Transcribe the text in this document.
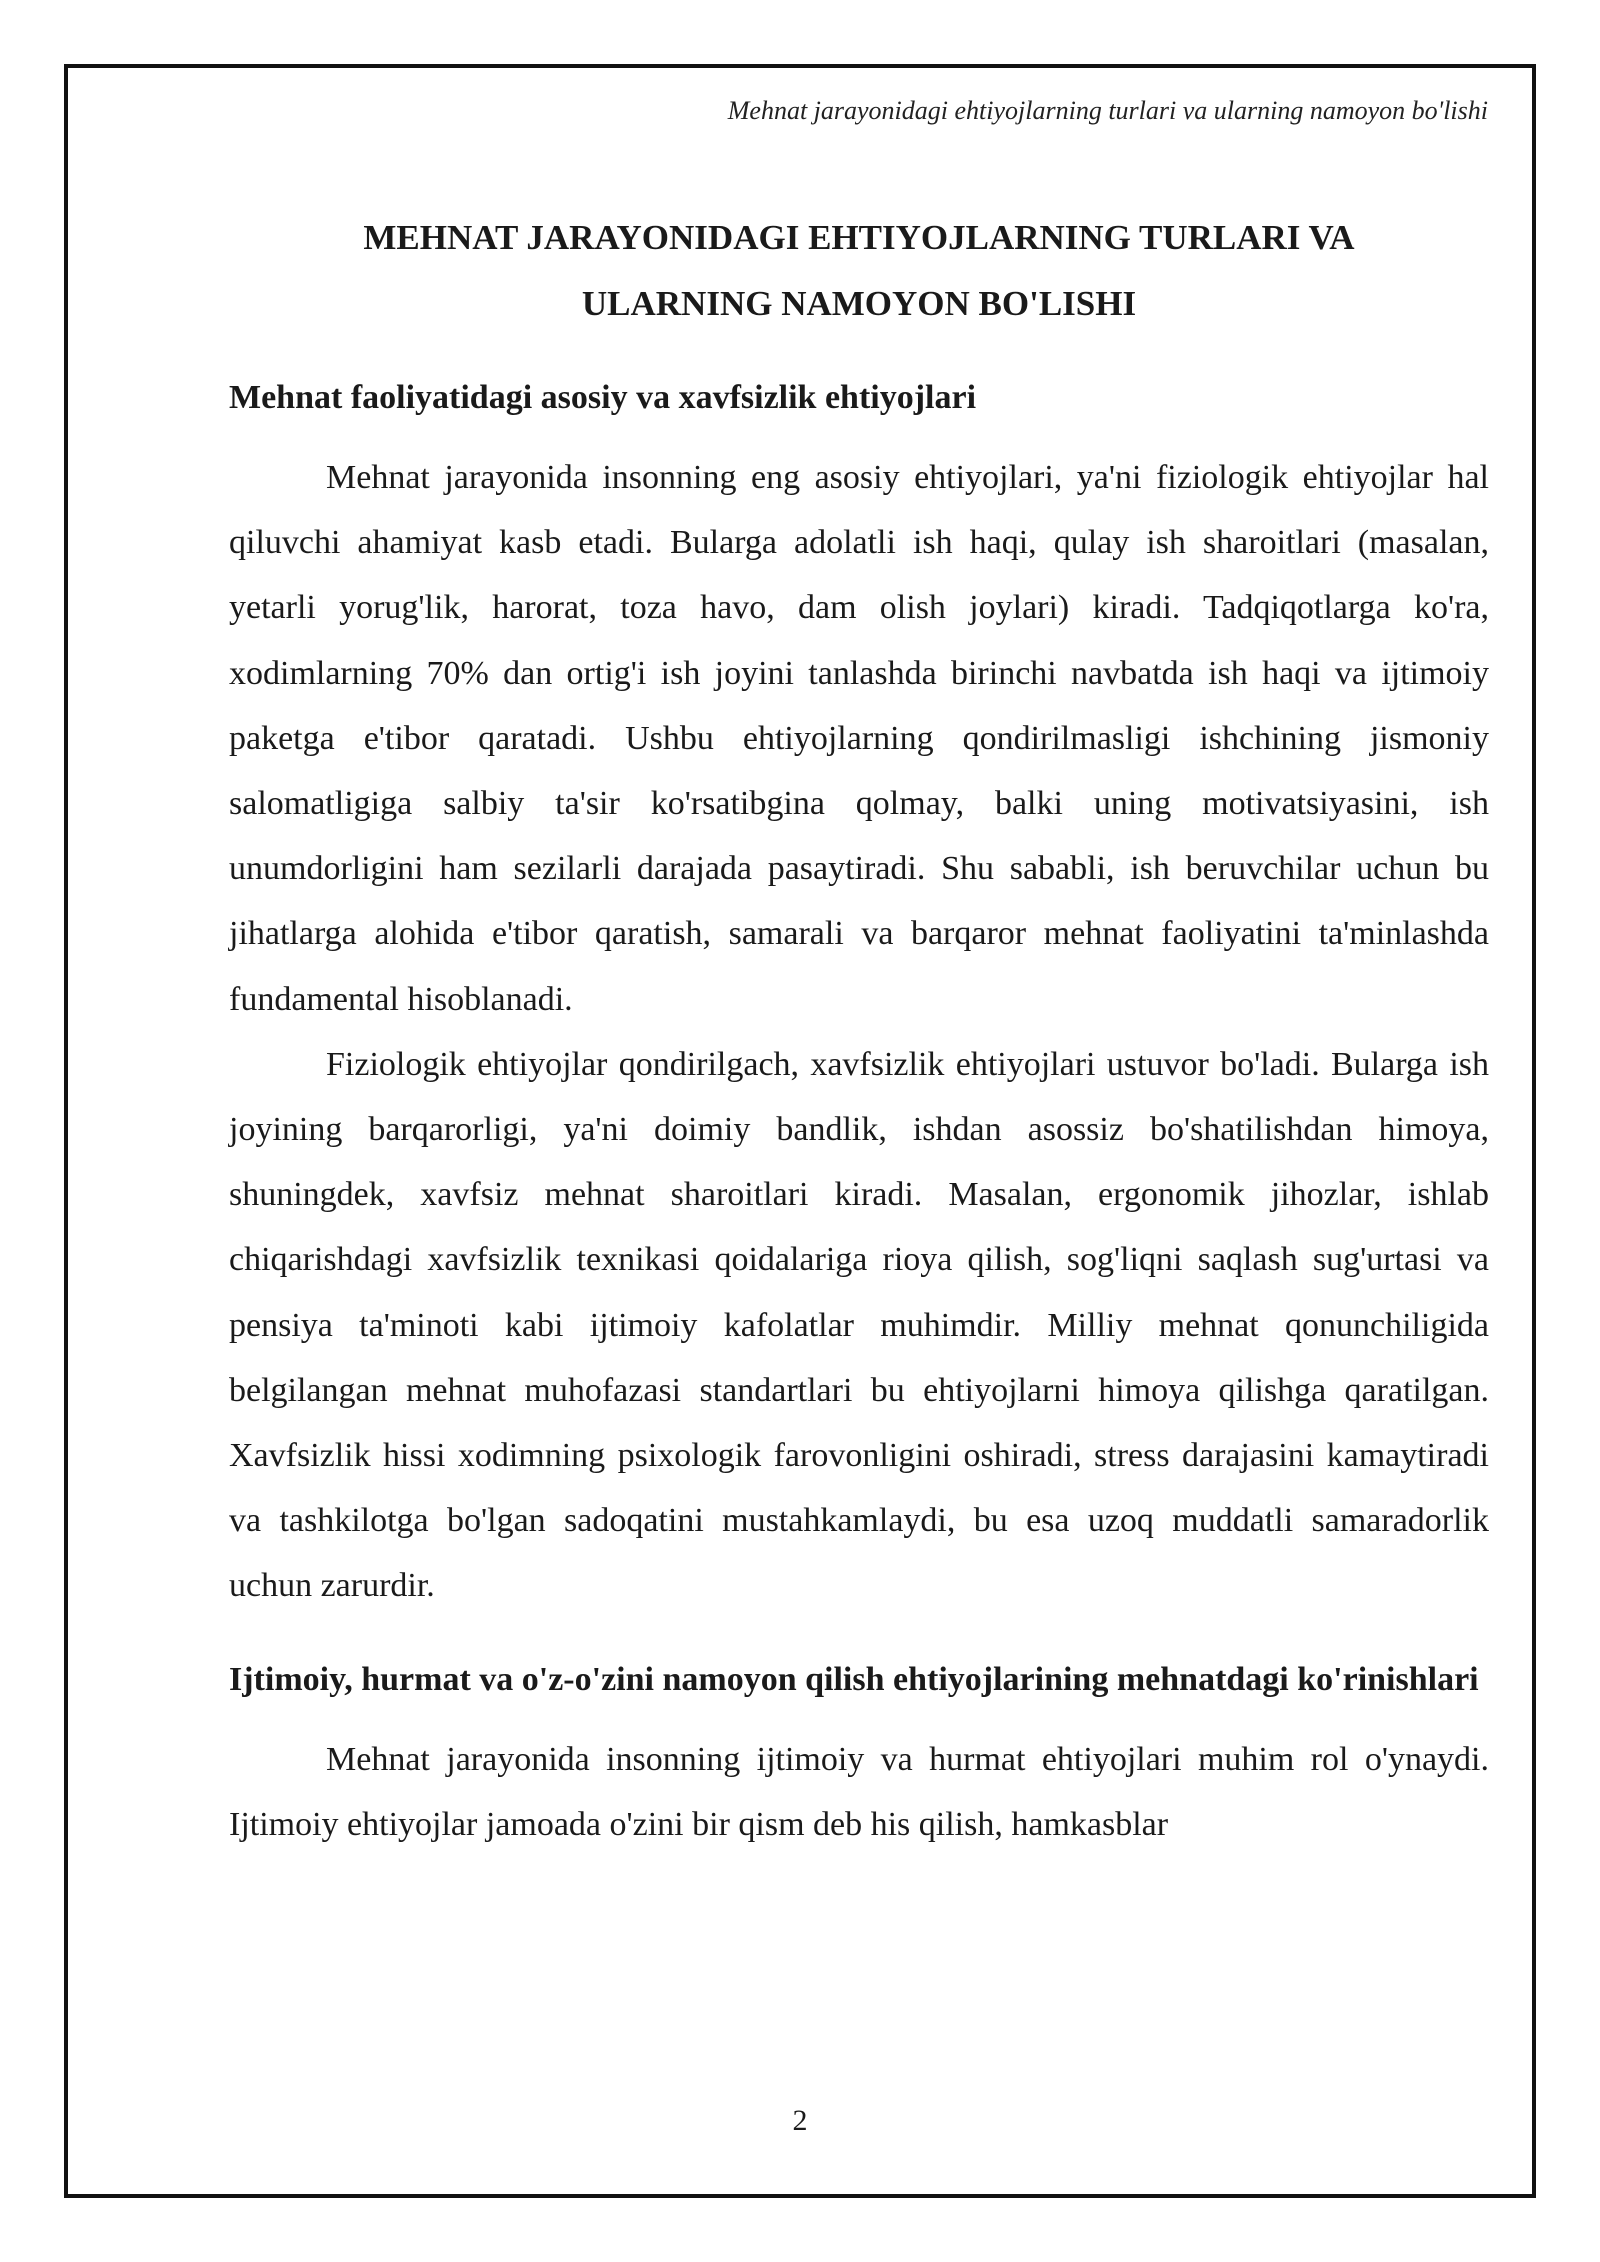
Mehnat jarayonidagi ehtiyojlarning turlari va ularning namoyon bo'lishi
MEHNAT JARAYONIDAGI EHTIYOJLARNING TURLARI VA
ULARNING NAMOYON BO'LISHI
Mehnat faoliyatidagi asosiy va xavfsizlik ehtiyojlari

Mehnat jarayonida insonning eng asosiy ehtiyojlari, ya'ni fiziologik ehtiyojlar hal qiluvchi ahamiyat kasb etadi. Bularga adolatli ish haqi, qulay ish sharoitlari (masalan, yetarli yorug'lik, harorat, toza havo, dam olish joylari) kiradi. Tadqiqotlarga ko'ra, xodimlarning 70% dan ortig'i ish joyini tanlashda birinchi navbatda ish haqi va ijtimoiy paketga e'tibor qaratadi. Ushbu ehtiyojlarning qondirilmasligi ishchining jismoniy salomatligiga salbiy ta'sir ko'rsatibgina qolmay, balki uning motivatsiyasini, ish unumdorligini ham sezilarli darajada pasaytiradi. Shu sababli, ish beruvchilar uchun bu jihatlarga alohida e'tibor qaratish, samarali va barqaror mehnat faoliyatini ta'minlashda fundamental hisoblanadi.

Fiziologik ehtiyojlar qondirilgach, xavfsizlik ehtiyojlari ustuvor bo'ladi. Bularga ish joyining barqarorligi, ya'ni doimiy bandlik, ishdan asossiz bo'shatilishdan himoya, shuningdek, xavfsiz mehnat sharoitlari kiradi. Masalan, ergonomik jihozlar, ishlab chiqarishdagi xavfsizlik texnikasi qoidalariga rioya qilish, sog'liqni saqlash sug'urtasi va pensiya ta'minoti kabi ijtimoiy kafolatlar muhimdir. Milliy mehnat qonunchiligida belgilangan mehnat muhofazasi standartlari bu ehtiyojlarni himoya qilishga qaratilgan. Xavfsizlik hissi xodimning psixologik farovonligini oshiradi, stress darajasini kamaytiradi va tashkilotga bo'lgan sadoqatini mustahkamlaydi, bu esa uzoq muddatli samaradorlik uchun zarurdir.

Ijtimoiy, hurmat va o'z-o'zini namoyon qilish ehtiyojlarining mehnatdagi ko'rinishlari

Mehnat jarayonida insonning ijtimoiy va hurmat ehtiyojlari muhim rol o'ynaydi. Ijtimoiy ehtiyojlar jamoada o'zini bir qism deb his qilish, hamkasblar

2
